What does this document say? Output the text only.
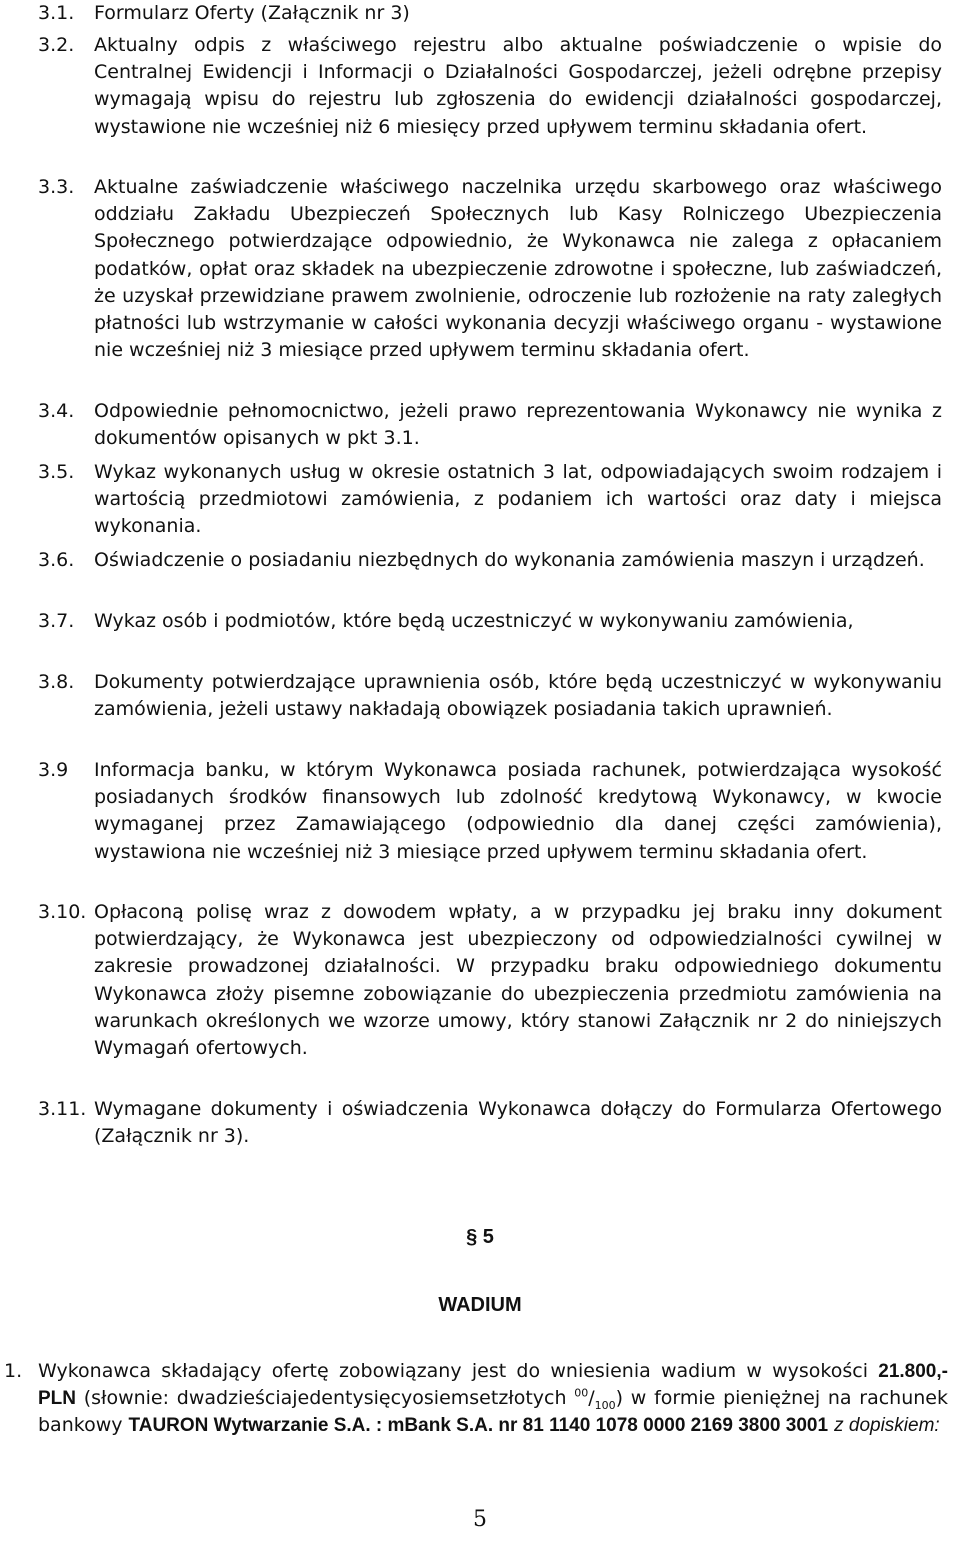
3.1.	Formularz Oferty (Załącznik nr 3)
3.2.	Aktualny odpis z właściwego rejestru albo aktualne poświadczenie o wpisie do Centralnej Ewidencji i Informacji o Działalności Gospodarczej, jeżeli odrębne przepisy wymagają wpisu do rejestru lub zgłoszenia do ewidencji działalności gospodarczej, wystawione nie wcześniej niż 6 miesięcy przed upływem terminu składania ofert.
3.3.	Aktualne zaświadczenie właściwego naczelnika urzędu skarbowego oraz właściwego oddziału Zakładu Ubezpieczeń Społecznych lub Kasy Rolniczego Ubezpieczenia Społecznego potwierdzające odpowiednio, że Wykonawca nie zalega z opłacaniem podatków, opłat oraz składek na ubezpieczenie zdrowotne i społeczne, lub zaświadczeń, że uzyskał przewidziane prawem zwolnienie, odroczenie lub rozłożenie na raty zaległych płatności lub wstrzymanie w całości wykonania decyzji właściwego organu - wystawione nie wcześniej niż 3 miesiące przed upływem terminu składania ofert.
3.4.	Odpowiednie pełnomocnictwo, jeżeli prawo reprezentowania Wykonawcy nie wynika z dokumentów opisanych w pkt 3.1.
3.5.	Wykaz wykonanych usług w okresie ostatnich 3 lat, odpowiadających swoim rodzajem i wartością przedmiotowi zamówienia, z podaniem ich wartości oraz daty i miejsca wykonania.
3.6.	Oświadczenie o posiadaniu niezbędnych do wykonania zamówienia maszyn i urządzeń.
3.7.	Wykaz osób i podmiotów, które będą uczestniczyć w wykonywaniu zamówienia,
3.8.	Dokumenty potwierdzające uprawnienia osób, które będą uczestniczyć w wykonywaniu zamówienia, jeżeli ustawy nakładają obowiązek posiadania takich uprawnień.
3.9	Informacja banku, w którym Wykonawca posiada rachunek, potwierdzająca wysokość posiadanych środków finansowych lub zdolność kredytową Wykonawcy, w kwocie wymaganej przez Zamawiającego (odpowiednio dla danej części zamówienia), wystawiona nie wcześniej niż 3 miesiące przed upływem terminu składania ofert.
3.10. Opłaconą polisę wraz z dowodem wpłaty, a w przypadku jej braku inny dokument potwierdzający, że Wykonawca jest ubezpieczony od odpowiedzialności cywilnej w zakresie prowadzonej działalności. W przypadku braku odpowiedniego dokumentu Wykonawca złoży pisemne zobowiązanie do ubezpieczenia przedmiotu zamówienia na warunkach określonych we wzorze umowy, który stanowi Załącznik nr 2 do niniejszych Wymagań ofertowych.
3.11. Wymagane dokumenty i oświadczenia Wykonawca dołączy do Formularza Ofertowego (Załącznik nr 3).
§ 5
WADIUM
1. Wykonawca składający ofertę zobowiązany jest do wniesienia wadium w wysokości 21.800,- PLN (słownie: dwadzieściajedentysięcyosiemsetzłotych $^{00}/_{100}$) w formie pieniężnej na rachunek bankowy TAURON Wytwarzanie S.A. : mBank S.A. nr 81 1140 1078 0000 2169 3800 3001 z dopiskiem:
5
